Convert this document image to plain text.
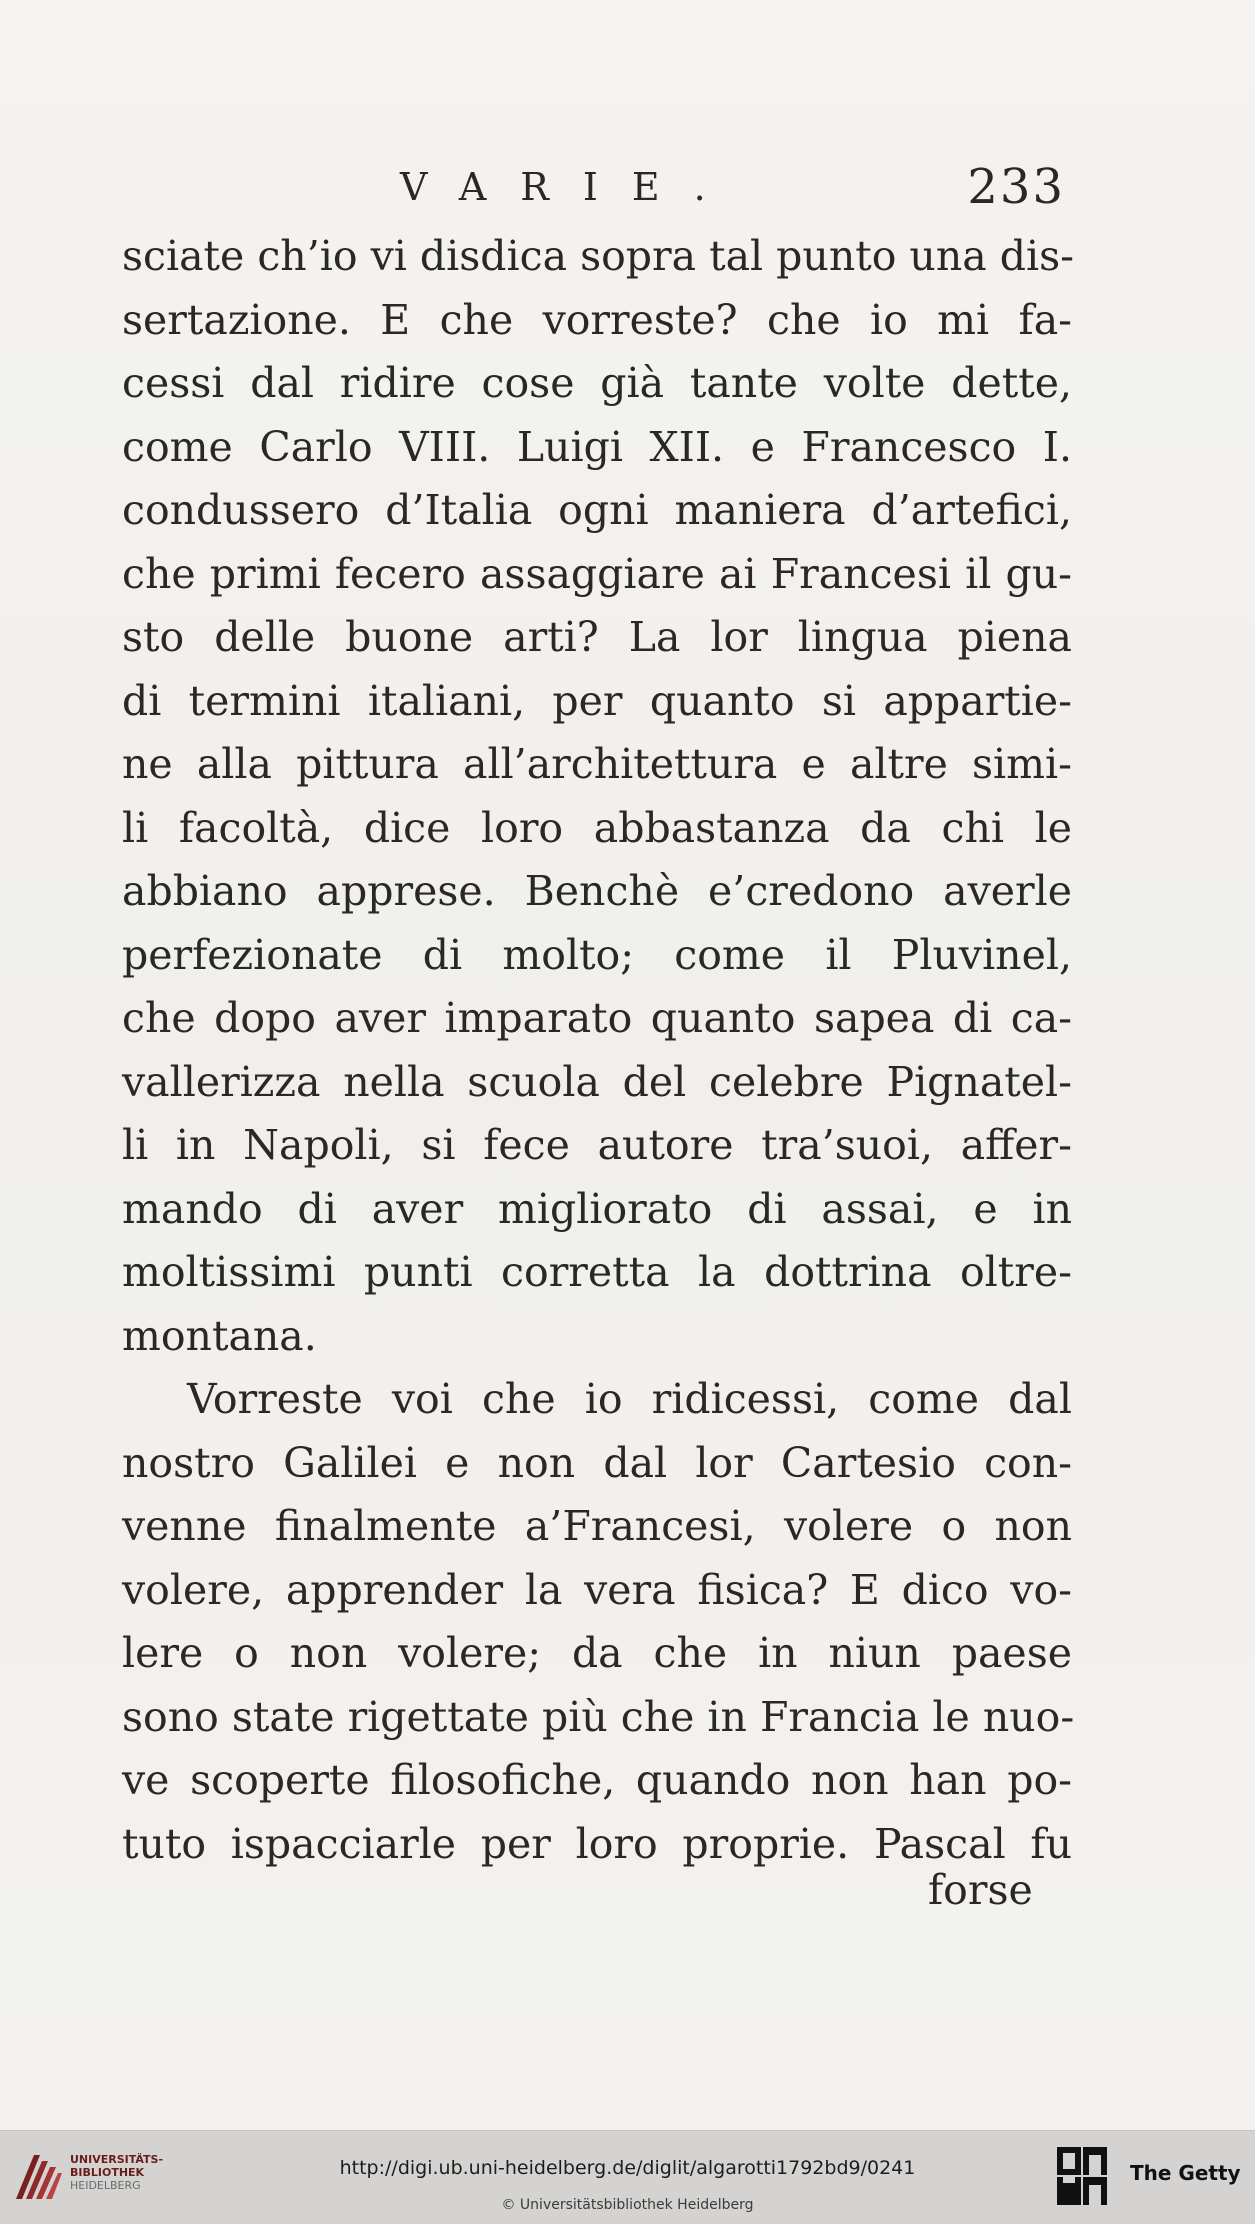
VARIE.	233
sciate ch’io vi disdica sopra tal punto una dis-
sertazione. E che vorreste? che io mi fa-
cessi dal ridire cose già tante volte dette,
come Carlo VIII. Luigi XII. e Francesco I.
condussero d’Italia ogni maniera d’artefici,
che primi fecero assaggiare ai Francesi il gu-
sto delle buone arti? La lor lingua piena
di termini italiani, per quanto si appartie-
ne alla pittura all’architettura e altre simi-
li facoltà, dice loro abbastanza da chi le
abbiano apprese. Benchè e’credono averle
perfezionate di molto; come il Pluvinel,
che dopo aver imparato quanto sapea di ca-
vallerizza nella scuola del celebre Pignatel-
li in Napoli, si fece autore tra’suoi, affer-
mando di aver migliorato di assai, e in
moltissimi punti corretta la dottrina oltre-
montana.
Vorreste voi che io ridicessi, come dal
nostro Galilei e non dal lor Cartesio con-
venne finalmente a’Francesi, volere o non
volere, apprender la vera fisica? E dico vo-
lere o non volere; da che in niun paese
sono state rigettate più che in Francia le nuo-
ve scoperte filosofiche, quando non han po-
tuto ispacciarle per loro proprie. Pascal fu
forse
UNIVERSITÄTS-
BIBLIOTHEK
HEIDELBERG
http://digi.ub.uni-heidelberg.de/diglit/algarotti1792bd9/0241
© Universitätsbibliothek Heidelberg
The Getty
